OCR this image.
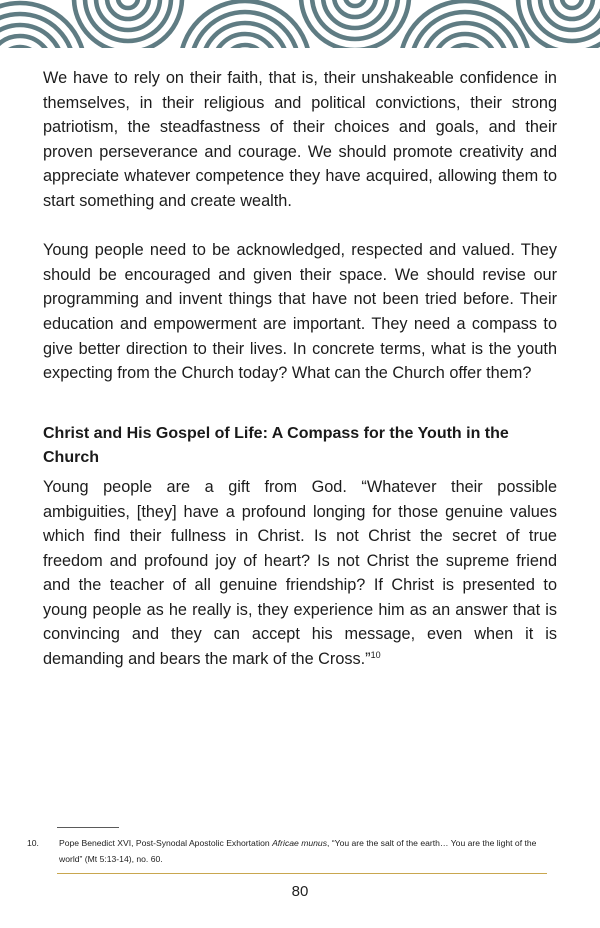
We have to rely on their faith, that is, their unshakeable confidence in themselves, in their religious and political convictions, their strong patriotism, the steadfastness of their choices and goals, and their proven perseverance and courage. We should promote creativity and appreciate whatever competence they have acquired, allowing them to start something and create wealth.

Young people need to be acknowledged, respected and valued. They should be encouraged and given their space. We should revise our programming and invent things that have not been tried before. Their education and empowerment are important. They need a compass to give better direction to their lives. In concrete terms, what is the youth expecting from the Church today? What can the Church offer them?

Christ and His Gospel of Life: A Compass for the Youth in the Church

Young people are a gift from God. “Whatever their possible ambiguities, [they] have a profound longing for those genuine values which find their fullness in Christ. Is not Christ the secret of true freedom and profound joy of heart? Is not Christ the supreme friend and the teacher of all genuine friendship? If Christ is presented to young people as he really is, they experience him as an answer that is convincing and they can accept his message, even when it is demanding and bears the mark of the Cross.”$^{10}$

10. Pope Benedict XVI, Post-Synodal Apostolic Exhortation Africae munus, “You are the salt of the earth… You are the light of the world” (Mt 5:13-14), no. 60.
80
